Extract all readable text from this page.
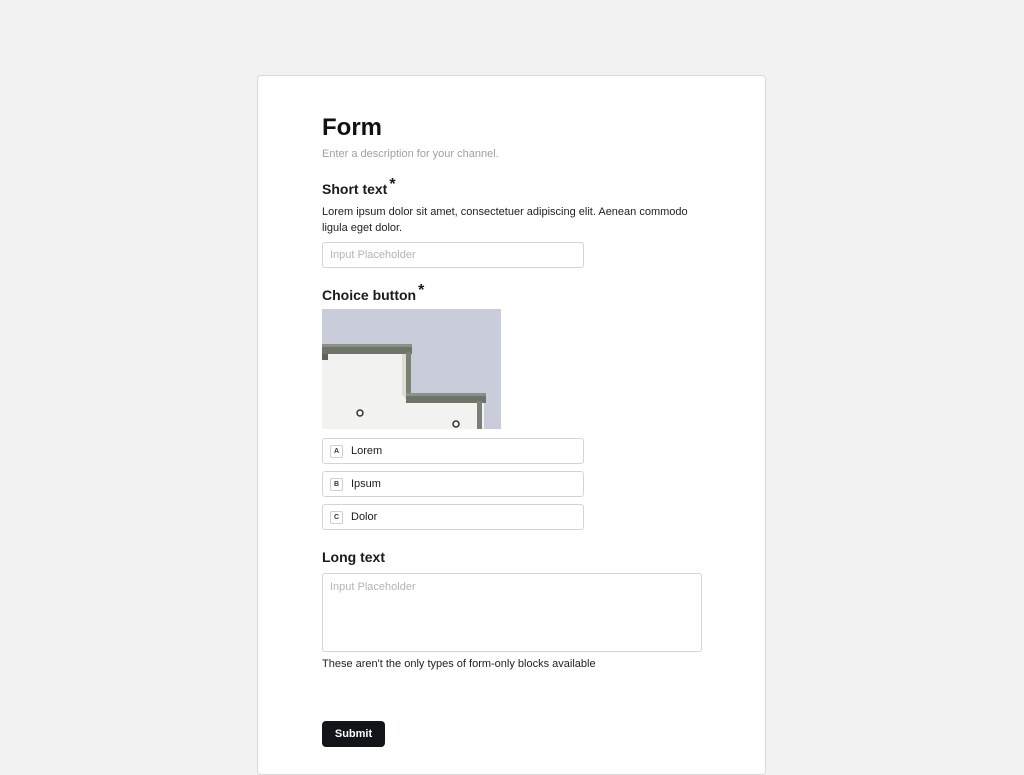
Form
Enter a description for your channel.
Short text *
Lorem ipsum dolor sit amet, consectetuer adipiscing elit. Aenean commodo ligula eget dolor.
Input Placeholder
Choice button *
A	Lorem
B	Ipsum
C	Dolor
Long text
Input Placeholder
These aren't the only types of form-only blocks available
Submit
